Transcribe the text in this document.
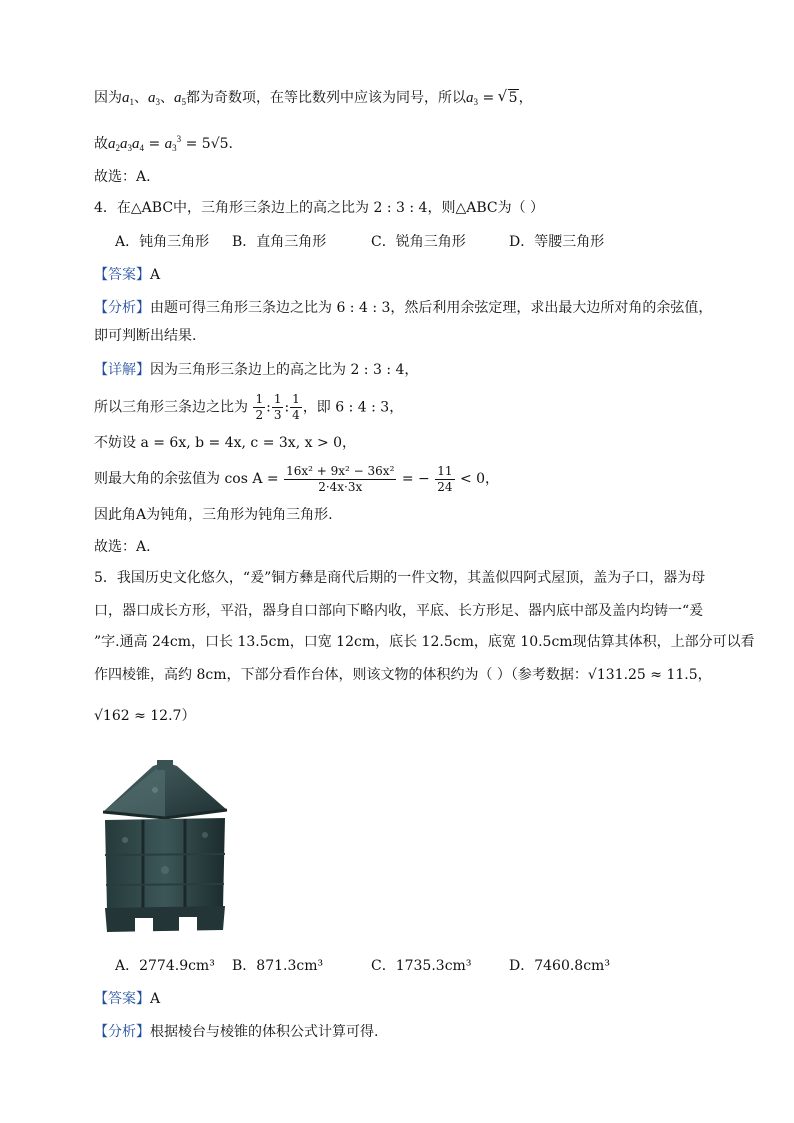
因为$a_1$、$a_3$、$a_5$都为奇数项，在等比数列中应该为同号，所以$a_3$ = √ 5，
故$a_2a_3a_4 = a_3^3 = 5√5$.
故选：A.
4．在△ABC中，三角形三条边上的高之比为 2 : 3 : 4，则△ABC为（ ）
A．钝角三角形 B．直角三角形	C．锐角三角形	D．等腰三角形
【答案】A
【分析】由题可得三角形三条边之比为 6 : 4 : 3，然后利用余弦定理，求出最大边所对角的余弦值，
即可判断出结果.
【详解】因为三角形三条边上的高之比为 2 : 3 : 4，
所以三角形三条边之比为 $\frac{1}{2}$ : $\frac{1}{3}$ : $\frac{1}{4}$ ，即 6 : 4 : 3，
不妨设 a = 6x, b = 4x, c = 3x, x > 0，
则最大角的余弦值为 $\cos A = \frac{\text{16x² + 9x² − 36x²}}{2\cdot 4x\cdot 3x}$ = − $\frac{11}{24} < 0$，
因此角A为钝角，三角形为钝角三角形.
故选：A.
5．我国历史文化悠久，“爰”铜方彝是商代后期的一件文物，其盖似四阿式屋顶，盖为子口，器为母
口，器口成长方形，平沿，器身自口部向下略内收，平底、长方形足、器内底中部及盖内均铸一“爰
”字.通高 24cm，口长 13.5cm，口宽 12cm，底长 12.5cm，底宽 10.5cm现估算其体积，上部分可以看
作四棱锥，高约 8cm，下部分看作台体，则该文物的体积约为（ ）（参考数据：√131.25 ≈ 11.5，
√162 ≈ 12.7）
A．2774.9cm³ B．871.3cm³	C．1735.3cm³	D．7460.8cm³
【答案】A
【分析】根据棱台与棱锥的体积公式计算可得.
